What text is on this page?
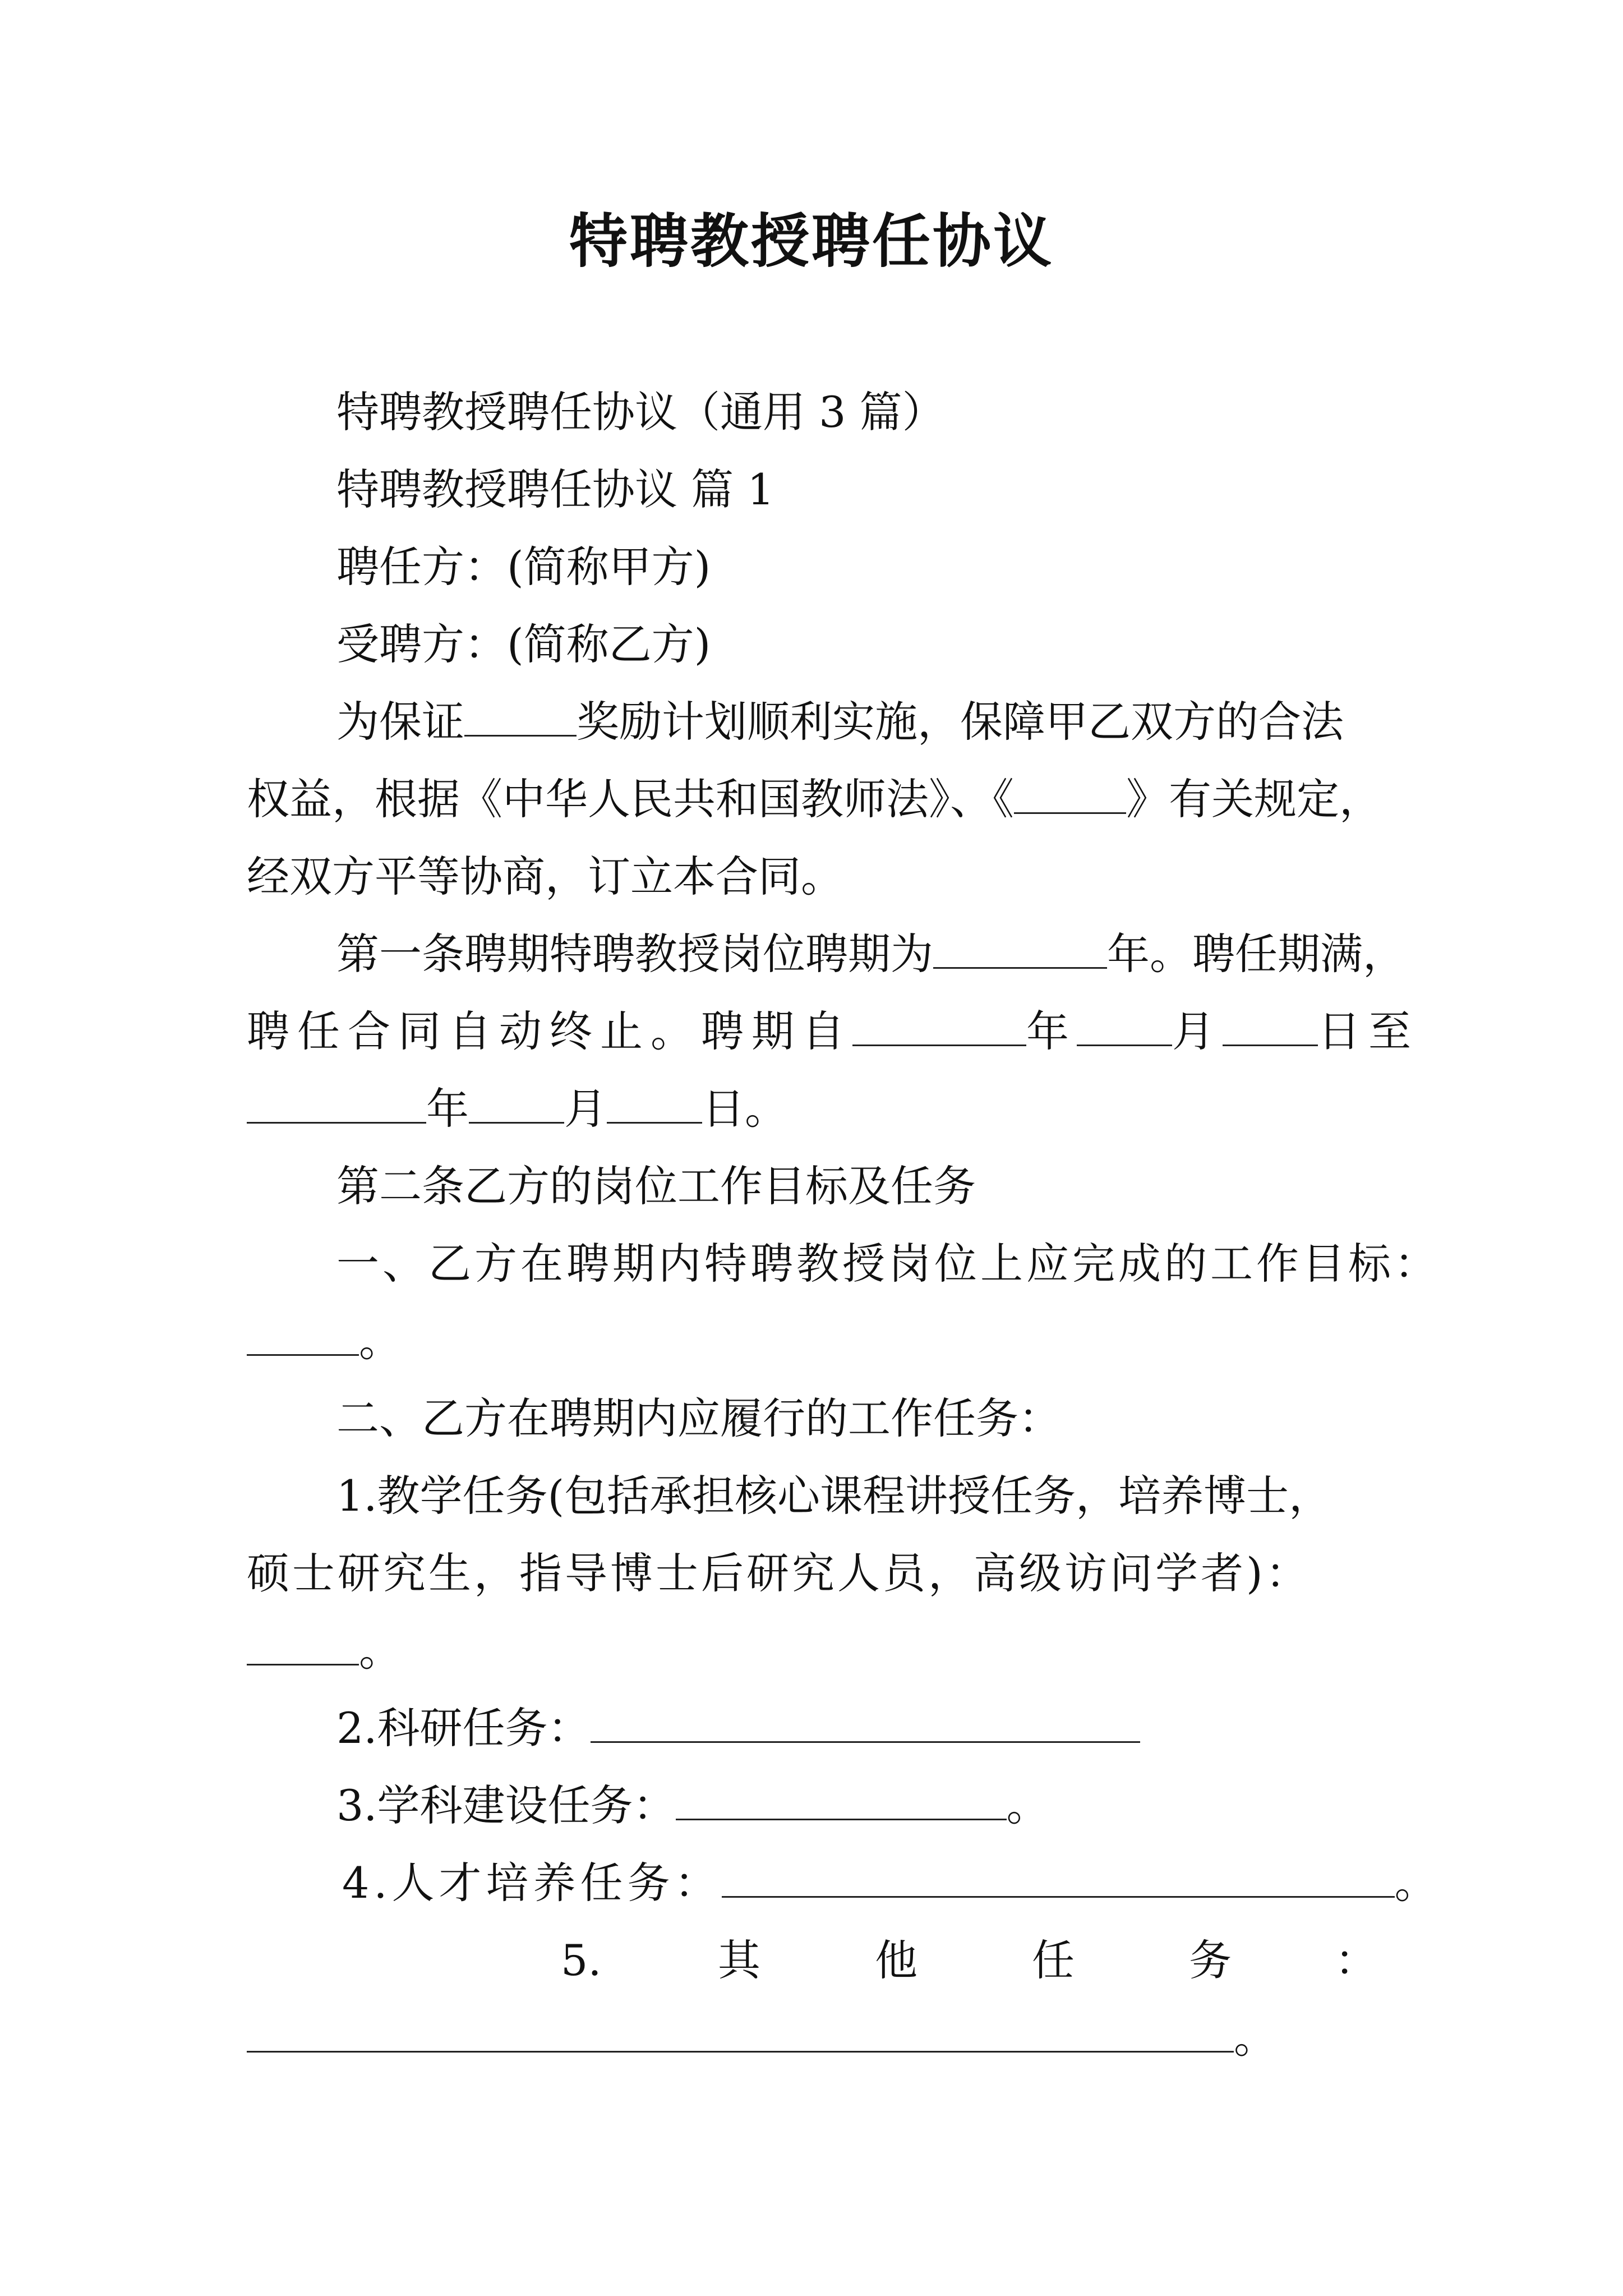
特聘教授聘任协议
特聘教授聘任协议（通用 3 篇）
特聘教授聘任协议 篇 1
聘任方：(简称甲方)
受聘方：(简称乙方)
为保证	奖励计划顺利实施，保障甲乙双方的合法
权益，根据《中华人民共和国教师法》、《	》有关规定，
经双方平等协商，订立本合同。
第一条聘期特聘教授岗位聘期为	年。聘任期满，
聘任合同自动终止。聘期自	年 月 日至
年 月 日。
第二条乙方的岗位工作目标及任务
一、乙方在聘期内特聘教授岗位上应完成的工作目标：
。
二、乙方在聘期内应履行的工作任务：
1.教学任务(包括承担核心课程讲授任务，培养博士，
硕士研究生，指导博士后研究人员，高级访问学者)：
。
2.科研任务：
3.学科建设任务：	。
4.人才培养任务：	。
5.	其	他	任	务 ：
。
